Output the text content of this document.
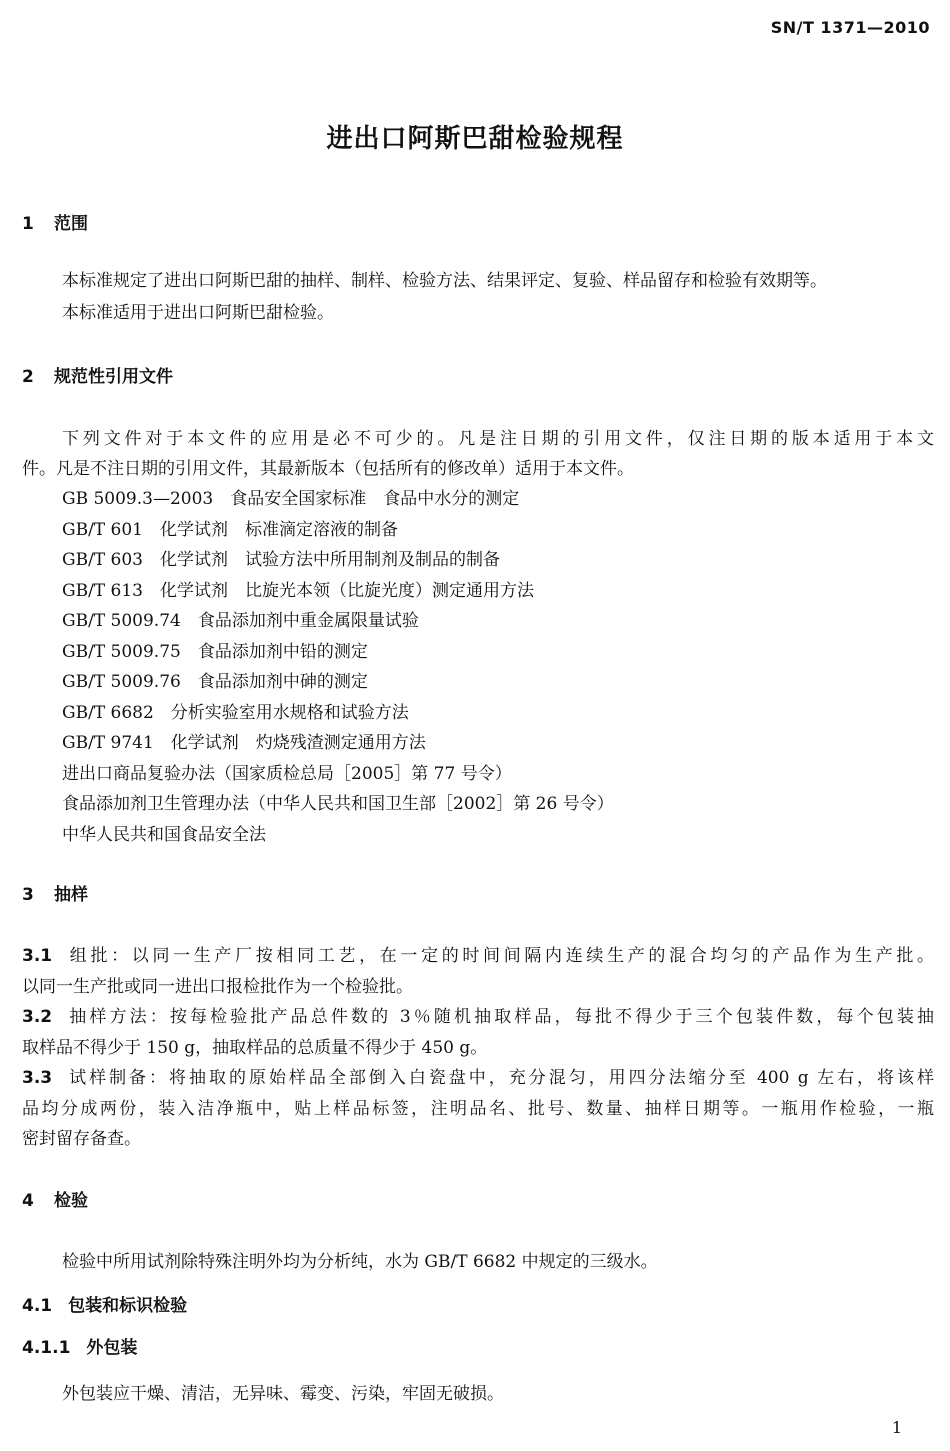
SN/T 1371—2010
进出口阿斯巴甜检验规程
1 范围
本标准规定了进出口阿斯巴甜的抽样、制样、检验方法、结果评定、复验、样品留存和检验有效期等。
本标准适用于进出口阿斯巴甜检验。
2 规范性引用文件
下列文件对于本文件的应用是必不可少的。凡是注日期的引用文件，仅注日期的版本适用于本文
件。凡是不注日期的引用文件，其最新版本（包括所有的修改单）适用于本文件。
GB 5009.3—2003　食品安全国家标准　食品中水分的测定
GB/T 601　化学试剂　标准滴定溶液的制备
GB/T 603　化学试剂　试验方法中所用制剂及制品的制备
GB/T 613　化学试剂　比旋光本领（比旋光度）测定通用方法
GB/T 5009.74　食品添加剂中重金属限量试验
GB/T 5009.75　食品添加剂中铅的测定
GB/T 5009.76　食品添加剂中砷的测定
GB/T 6682　分析实验室用水规格和试验方法
GB/T 9741　化学试剂　灼烧残渣测定通用方法
进出口商品复验办法（国家质检总局［2005］第 77 号令）
食品添加剂卫生管理办法（中华人民共和国卫生部［2002］第 26 号令）
中华人民共和国食品安全法
3 抽样
3.1 组批：以同一生产厂按相同工艺，在一定的时间间隔内连续生产的混合均匀的产品作为生产批。
以同一生产批或同一进出口报检批作为一个检验批。
3.2 抽样方法：按每检验批产品总件数的 3％随机抽取样品，每批不得少于三个包装件数，每个包装抽
取样品不得少于 150 g，抽取样品的总质量不得少于 450 g。
3.3 试样制备：将抽取的原始样品全部倒入白瓷盘中，充分混匀，用四分法缩分至 400 g 左右，将该样
品均分成两份，装入洁净瓶中，贴上样品标签，注明品名、批号、数量、抽样日期等。一瓶用作检验，一瓶
密封留存备查。
4 检验
检验中所用试剂除特殊注明外均为分析纯，水为 GB/T 6682 中规定的三级水。
4.1 包装和标识检验
4.1.1 外包装
外包装应干燥、清洁，无异味、霉变、污染，牢固无破损。
1
